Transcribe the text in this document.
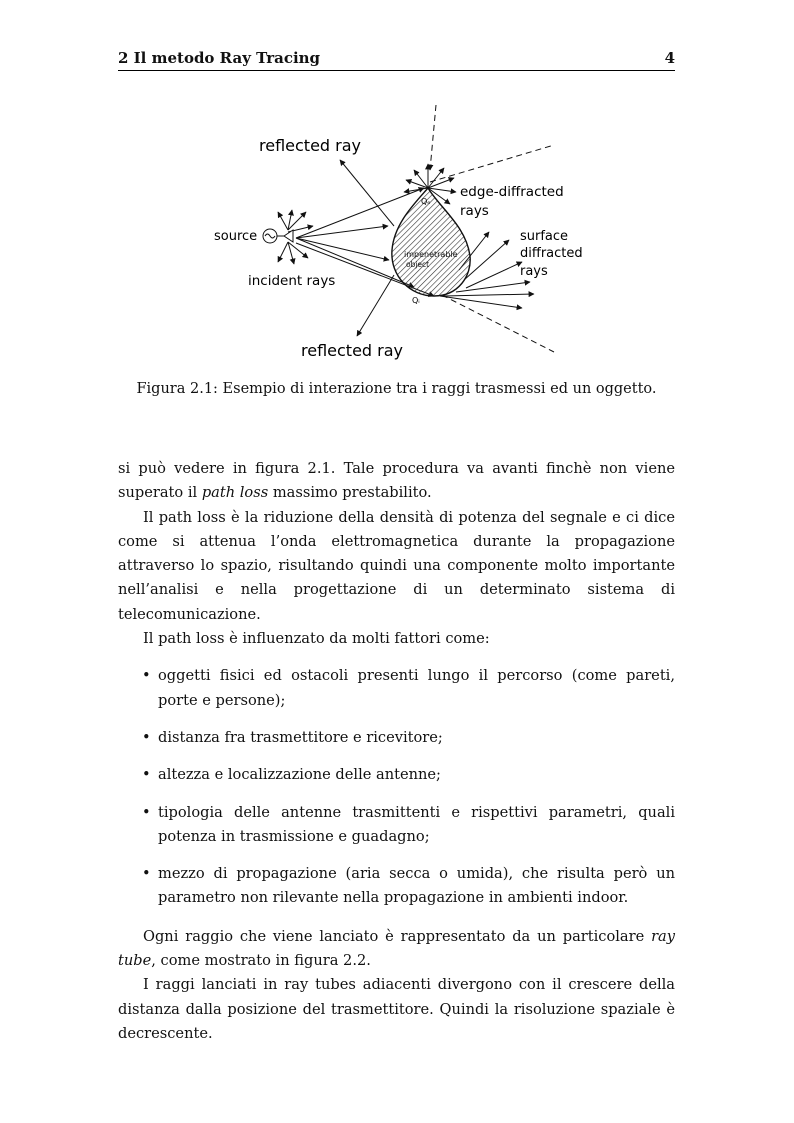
2 Il metodo Ray Tracing	4
reflected ray
edge-diffracted
rays
source	surface
diffracted
rays
impenetrable
object
incident rays
reflected ray
Qₑ
Qᵢ
Figura 2.1: Esempio di interazione tra i raggi trasmessi ed un oggetto.

si può vedere in figura 2.1. Tale procedura va avanti finchè non viene superato il path loss massimo prestabilito.

Il path loss è la riduzione della densità di potenza del segnale e ci dice come si attenua l’onda elettromagnetica durante la propagazione attraverso lo spazio, risultando quindi una componente molto importante nell’analisi e nella progettazione di un determinato sistema di telecomunicazione.

Il path loss è influenzato da molti fattori come:

• oggetti fisici ed ostacoli presenti lungo il percorso (come pareti, porte e persone);
• distanza fra trasmettitore e ricevitore;
• altezza e localizzazione delle antenne;
• tipologia delle antenne trasmittenti e rispettivi parametri, quali potenza in trasmissione e guadagno;
• mezzo di propagazione (aria secca o umida), che risulta però un parametro non rilevante nella propagazione in ambienti indoor.

Ogni raggio che viene lanciato è rappresentato da un particolare ray tube, come mostrato in figura 2.2.

I raggi lanciati in ray tubes adiacenti divergono con il crescere della distanza dalla posizione del trasmettitore. Quindi la risoluzione spaziale è decrescente.
